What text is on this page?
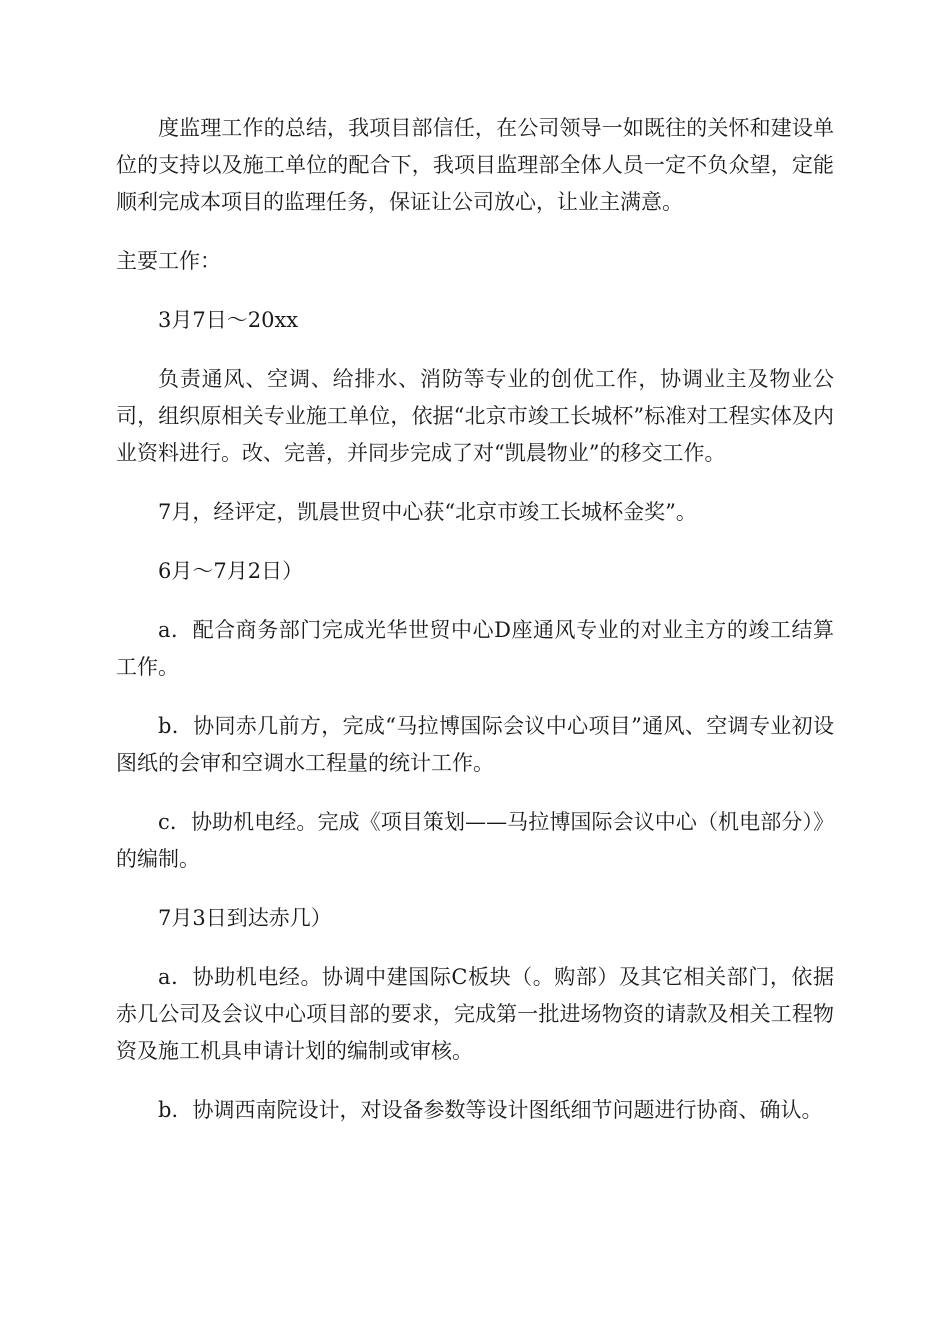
度监理工作的总结，我项目部信任，在公司领导一如既往的关怀和建设单位的支持以及施工单位的配合下，我项目监理部全体人员一定不负众望，定能顺利完成本项目的监理任务，保证让公司放心，让业主满意。

主要工作：

3月7日～20xx

负责通风、空调、给排水、消防等专业的创优工作，协调业主及物业公司，组织原相关专业施工单位，依据“北京市竣工长城杯”标准对工程实体及内业资料进行。改、完善，并同步完成了对“凯晨物业”的移交工作。

7月，经评定，凯晨世贸中心获“北京市竣工长城杯金奖”。

6月～7月2日）

a．配合商务部门完成光华世贸中心D座通风专业的对业主方的竣工结算工作。

b．协同赤几前方，完成“马拉博国际会议中心项目”通风、空调专业初设图纸的会审和空调水工程量的统计工作。

c．协助机电经。完成《项目策划——马拉博国际会议中心（机电部分）》的编制。

7月3日到达赤几）

a．协助机电经。协调中建国际C板块（。购部）及其它相关部门，依据赤几公司及会议中心项目部的要求，完成第一批进场物资的请款及相关工程物资及施工机具申请计划的编制或审核。

b．协调西南院设计，对设备参数等设计图纸细节问题进行协商、确认。
